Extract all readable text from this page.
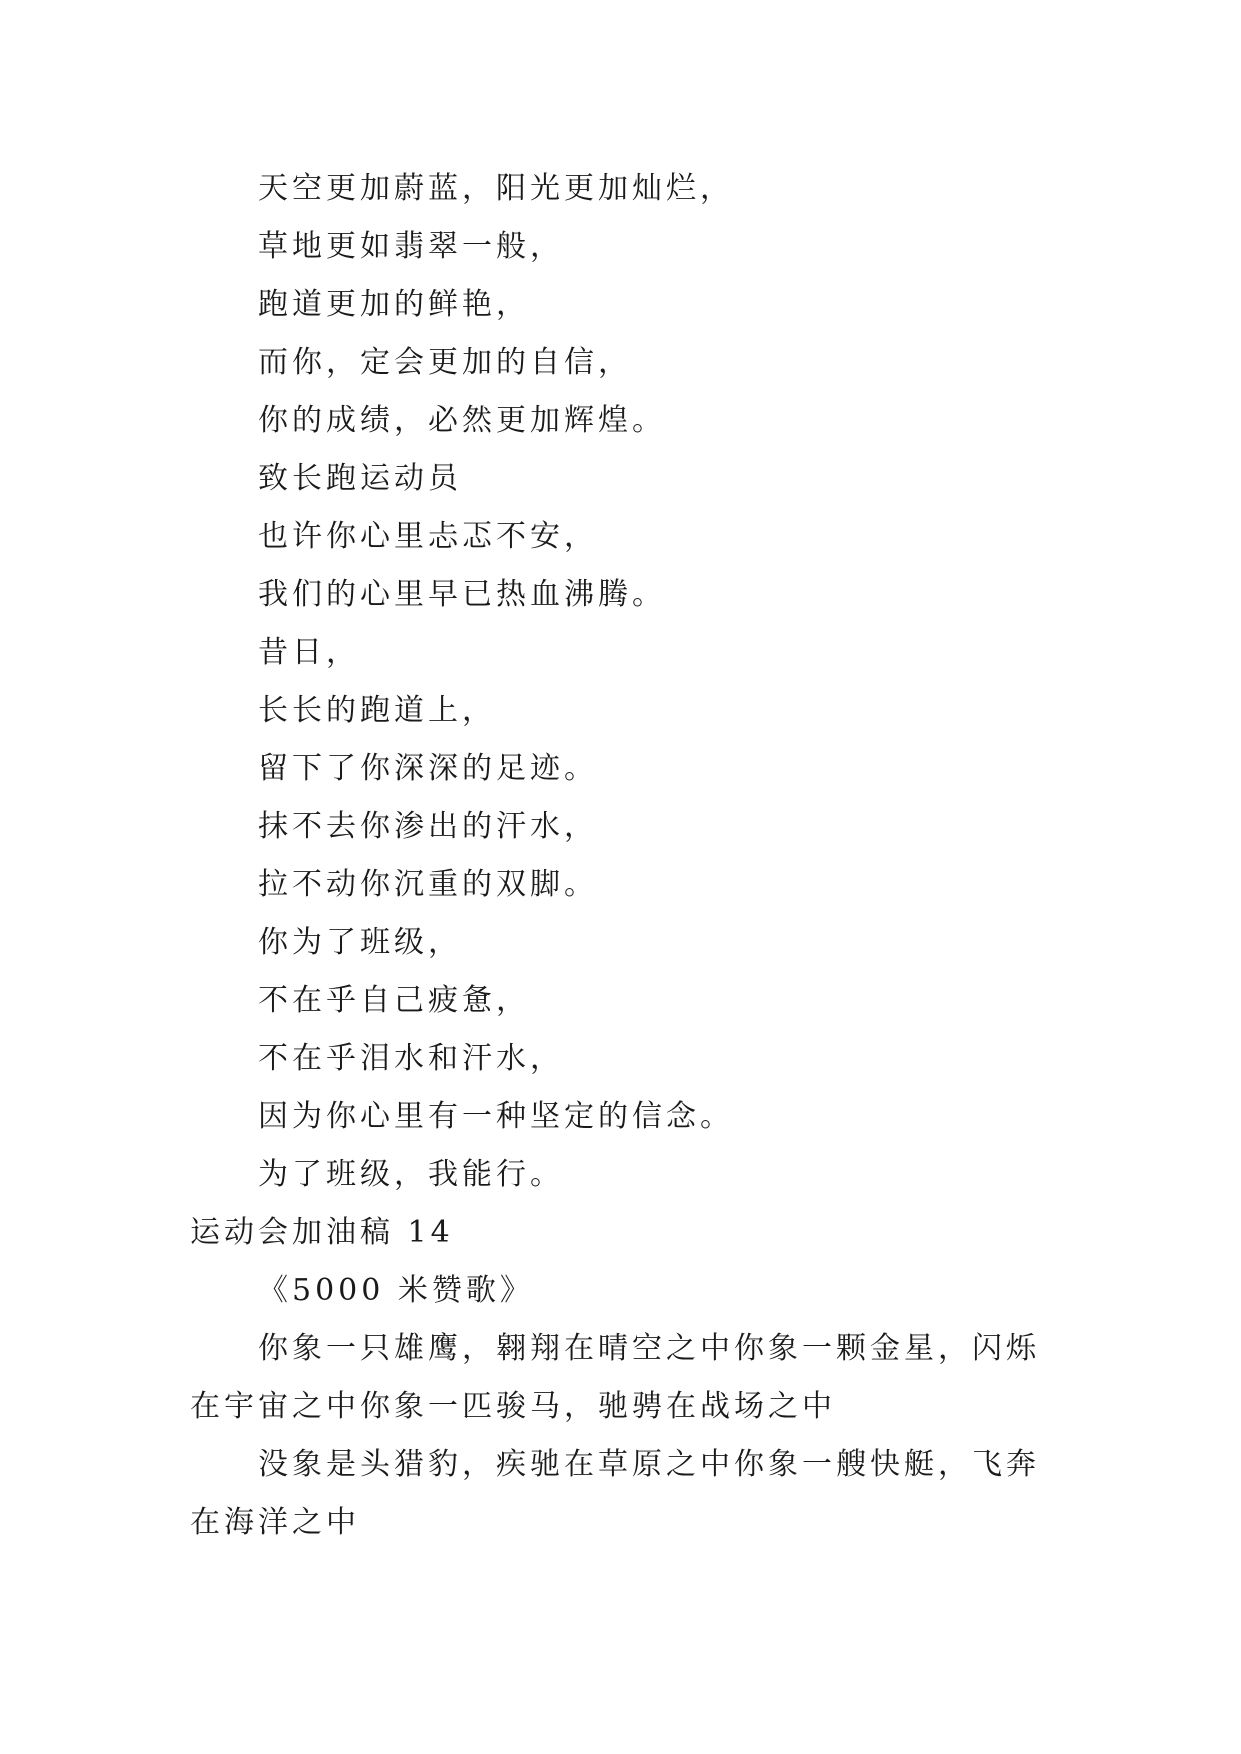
天空更加蔚蓝，阳光更加灿烂，
草地更如翡翠一般，
跑道更加的鲜艳，
而你，定会更加的自信，
你的成绩，必然更加辉煌。
致长跑运动员
也许你心里忐忑不安，
我们的心里早已热血沸腾。
昔日，
长长的跑道上，
留下了你深深的足迹。
抹不去你渗出的汗水，
拉不动你沉重的双脚。
你为了班级，
不在乎自己疲惫，
不在乎泪水和汗水，
因为你心里有一种坚定的信念。
为了班级，我能行。
运动会加油稿 14
《5000 米赞歌》

你象一只雄鹰，翱翔在晴空之中你象一颗金星，闪烁在宇宙之中你象一匹骏马，驰骋在战场之中

没象是头猎豹，疾驰在草原之中你象一艘快艇，飞奔在海洋之中
